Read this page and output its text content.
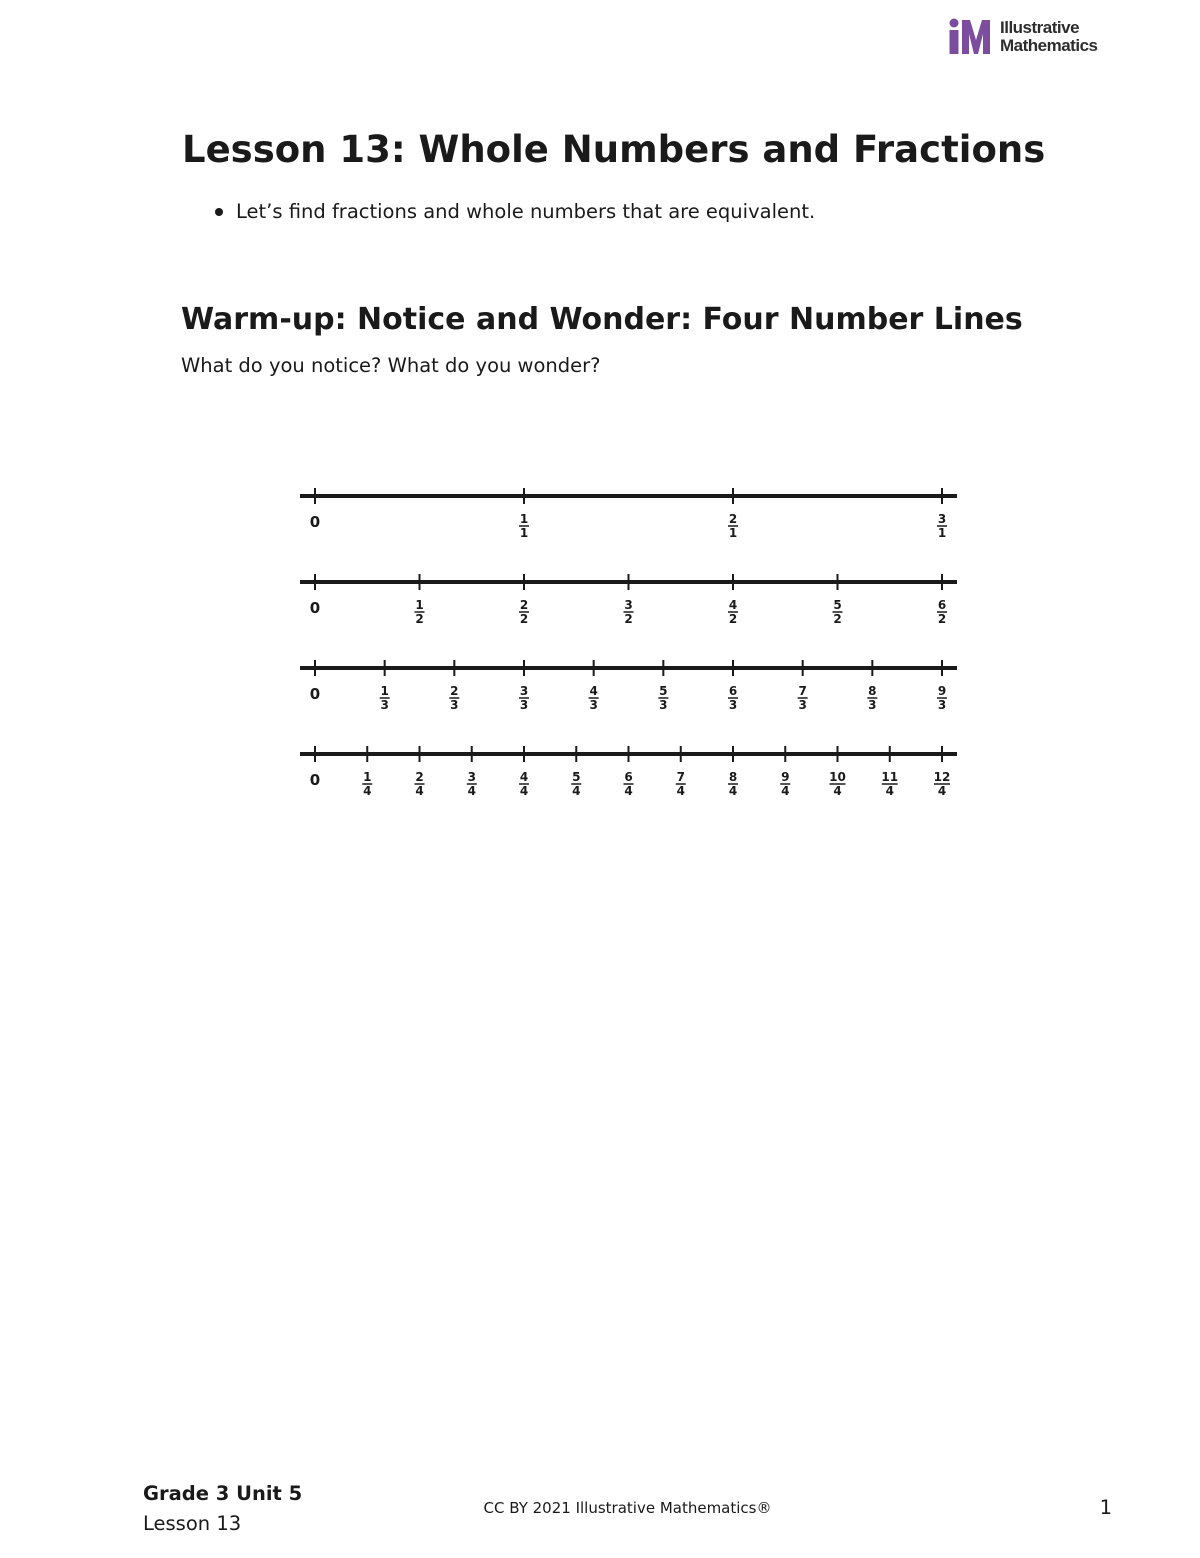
Illustrative
Mathematics
Lesson 13: Whole Numbers and Fractions
Let’s find fractions and whole numbers that are equivalent.
Warm-up: Notice and Wonder: Four Number Lines

What do you notice? What do you wonder?

0	1
1
2
1
3
1
0	1
2
2
2
3
2
4
2
5
2
6
2
0	1
3
2
3
3
3
4
3
5
3
6
3
7
3
8
3
9
3
0	1
4
2
4
3
4
4
4
5
4
6
4
7
4
8
4
9
4
10
4
11
4
12
4
Grade 3 Unit 5
Lesson 13
CC BY 2021 Illustrative Mathematics®	1
